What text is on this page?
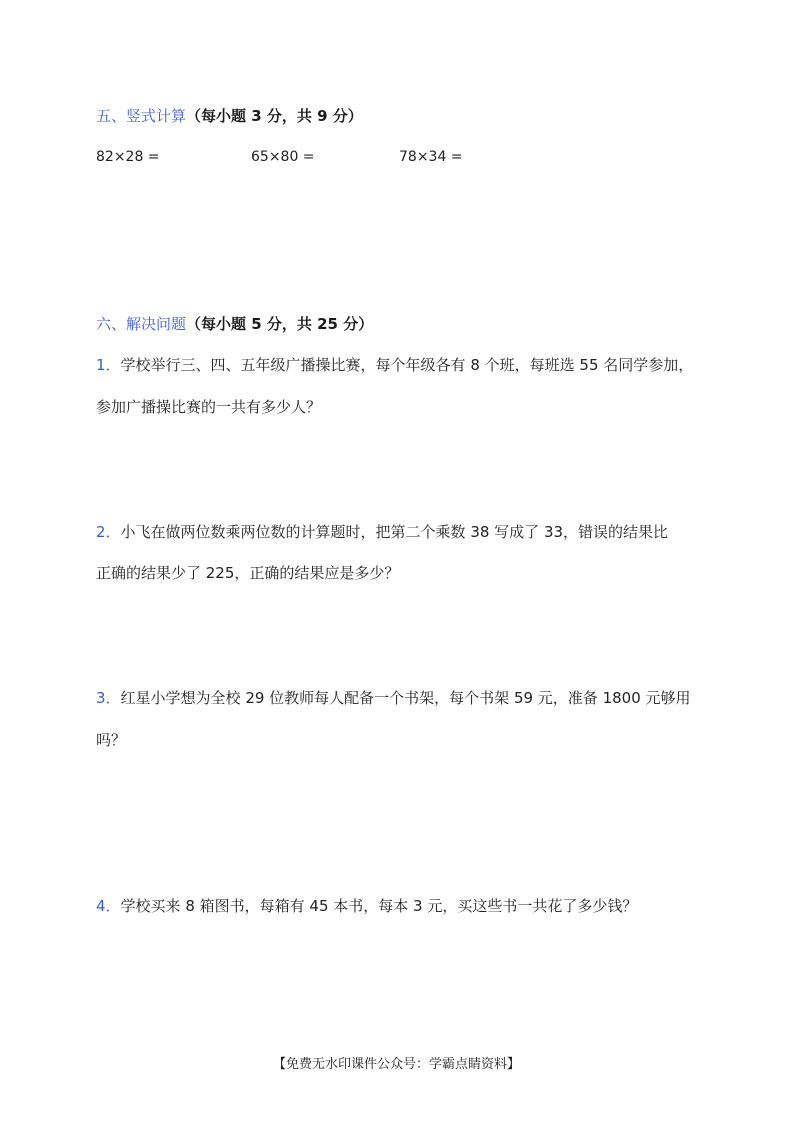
五、竖式计算（每小题 3 分，共 9 分）
82×28 =	65×80 =	78×34 =
六、解决问题（每小题 5 分，共 25 分）
1．学校举行三、四、五年级广播操比赛，每个年级各有 8 个班，每班选 55 名同学参加，
参加广播操比赛的一共有多少人？
2．小飞在做两位数乘两位数的计算题时，把第二个乘数 38 写成了 33，错误的结果比
正确的结果少了 225，正确的结果应是多少？
3．红星小学想为全校 29 位教师每人配备一个书架，每个书架 59 元，准备 1800 元够用
吗？
4．学校买来 8 箱图书，每箱有 45 本书，每本 3 元，买这些书一共花了多少钱？
【免费无水印课件公众号：学霸点睛资料】
